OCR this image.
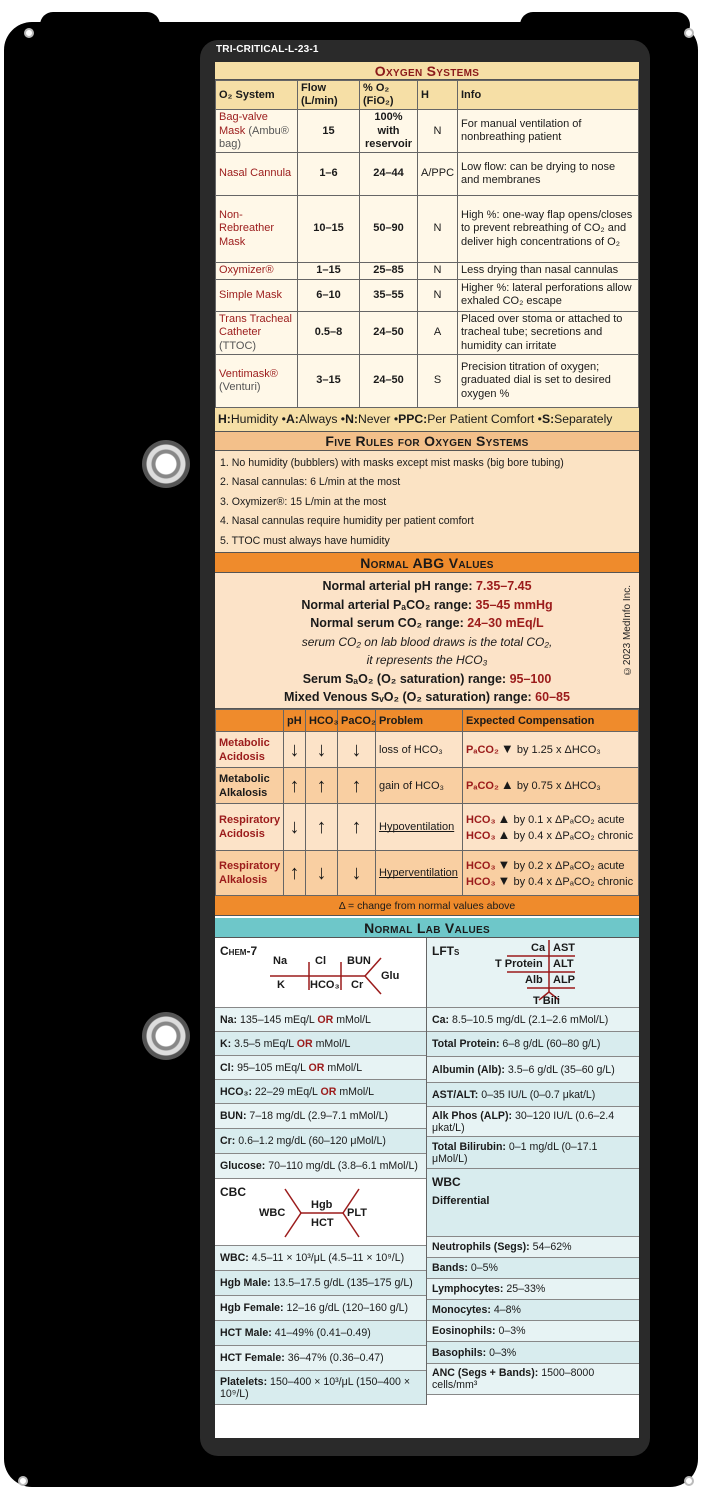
TRI-CRITICAL-L-23-1
Oxygen Systems
O₂ System	Flow (L/min)	% O₂ (FiO₂)	H	Info
Bag-valve Mask (Ambu® bag)	15	100% with reservoir	N	For manual ventilation of nonbreathing patient
Nasal Cannula	1–6	24–44	A/PPC	Low flow: can be drying to nose and membranes
Non-Rebreather Mask	10–15	50–90	N	High %: one-way flap opens/closes to prevent rebreathing of CO₂ and deliver high concentrations of O₂
Oxymizer®	1–15	25–85	N	Less drying than nasal cannulas
Simple Mask	6–10	35–55	N	Higher %: lateral perforations allow exhaled CO₂ escape
Trans Tracheal Catheter (TTOC)	0.5–8	24–50	A	Placed over stoma or attached to tracheal tube; secretions and humidity can irritate
Ventimask® (Venturi)	3–15	24–50	S	Precision titration of oxygen; graduated dial is set to desired oxygen %
H: Humidity • A: Always • N: Never • PPC: Per Patient Comfort • S: Separately
Five Rules for Oxygen Systems
1. No humidity (bubblers) with masks except mist masks (big bore tubing)
2. Nasal cannulas: 6 L/min at the most
3. Oxymizer®: 15 L/min at the most
4. Nasal cannulas require humidity per patient comfort
5. TTOC must always have humidity
Normal ABG Values
Normal arterial pH range: 7.35–7.45
Normal arterial PₐCO₂ range: 35–45 mmHg
Normal serum CO₂ range: 24–30 mEq/L
serum CO₂ on lab blood draws is the total CO₂,
it represents the HCO₃
Serum SₐO₂ (O₂ saturation) range: 95–100
Mixed Venous SᵥO₂ (O₂ saturation) range: 60–85
©2023 MedInfo Inc.
	pH	HCO₃	PaCO₂	Problem	Expected Compensation
Metabolic Acidosis	↓	↓	↓	loss of HCO₃	PₐCO₂ ▼ by 1.25 x ΔHCO₃

Metabolic Alkalosis	↑	↑	↑	gain of HCO₃	PₐCO₂ ▲ by 0.75 x ΔHCO₃

Respiratory Acidosis	↓	↑	↑	Hypoventilation	HCO₃ ▲ by 0.1 x ΔPₐCO₂ acute
HCO₃ ▲ by 0.4 x ΔPₐCO₂ chronic

Respiratory Alkalosis	↑	↓	↓	Hyperventilation	HCO₃ ▼ by 0.2 x ΔPₐCO₂ acute
HCO₃ ▼ by 0.4 x ΔPₐCO₂ chronic
Δ = change from normal values above
Normal Lab Values
Chem-7
Na	Cl BUN
K HCO₃ Cr
Glu
Na: 135–145 mEq/L OR mMol/L
K: 3.5–5 mEq/L OR mMol/L
Cl: 95–105 mEq/L OR mMol/L
HCO₃: 22–29 mEq/L OR mMol/L
BUN: 7–18 mg/dL (2.9–7.1 mMol/L)
Cr: 0.6–1.2 mg/dL (60–120 μMol/L)
Glucose: 70–110 mg/dL (3.8–6.1 mMol/L)
CBC
WBC
Hgb
HCT
PLT
WBC: 4.5–11 × 10³/μL (4.5–11 × 10⁹/L)
Hgb Male: 13.5–17.5 g/dL (135–175 g/L)
Hgb Female: 12–16 g/dL (120–160 g/L)
HCT Male: 41–49% (0.41–0.49)
HCT Female: 36–47% (0.36–0.47)
Platelets: 150–400 × 10³/μL (150–400 × 10⁹/L)
LFTs	Ca AST
T Protein ALT
Alb ALP
T Bili
Ca: 8.5–10.5 mg/dL (2.1–2.6 mMol/L)
Total Protein: 6–8 g/dL (60–80 g/L)
Albumin (Alb): 3.5–6 g/dL (35–60 g/L)
AST/ALT: 0–35 IU/L (0–0.7 μkat/L)
Alk Phos (ALP): 30–120 IU/L (0.6–2.4 μkat/L)
Total Bilirubin: 0–1 mg/dL (0–17.1 μMol/L)
WBC
Differential
Neutrophils (Segs): 54–62%
Bands: 0–5%
Lymphocytes: 25–33%
Monocytes: 4–8%
Eosinophils: 0–3%
Basophils: 0–3%
ANC (Segs + Bands): 1500–8000 cells/mm³
